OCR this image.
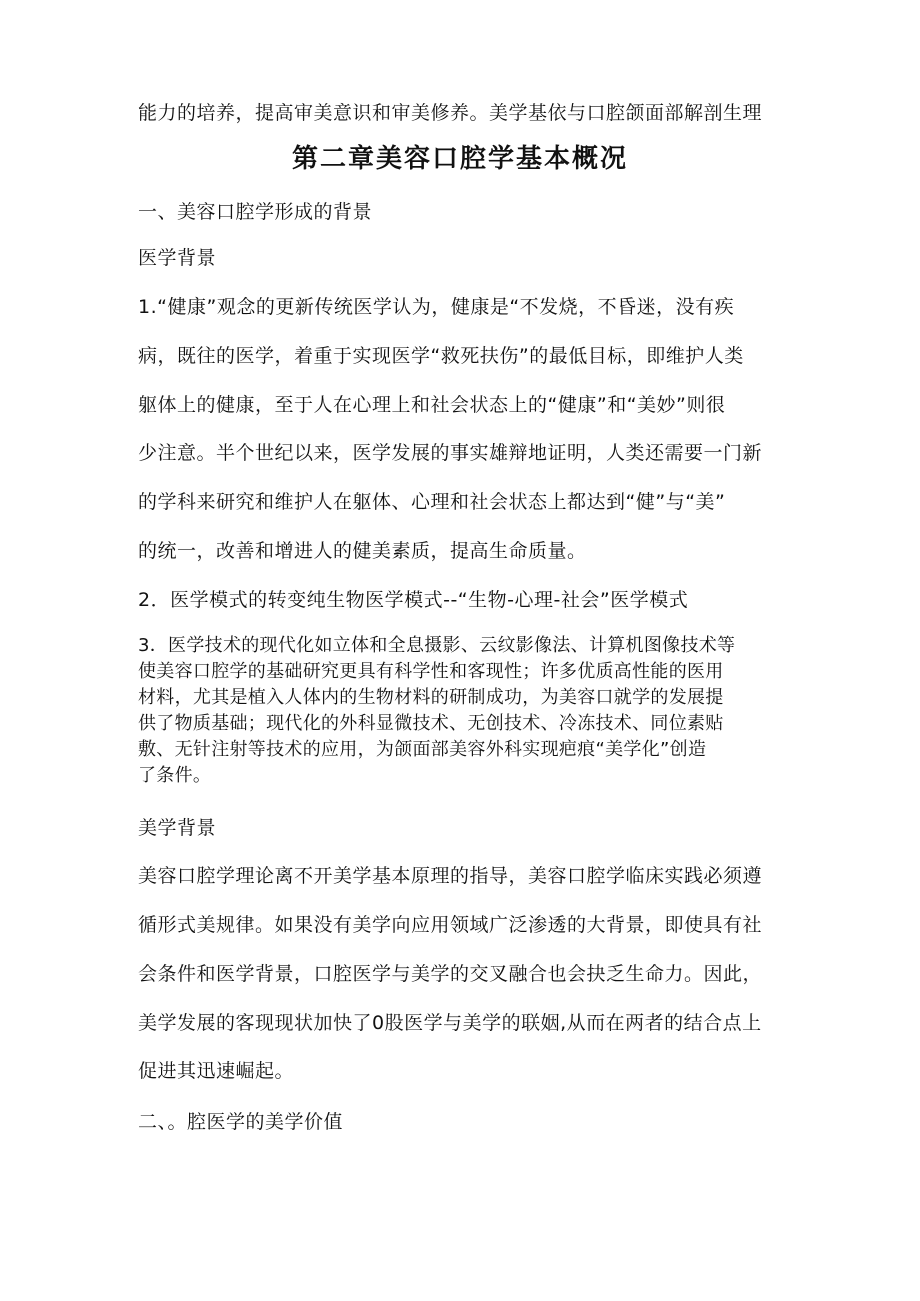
能力的培养，提高审美意识和审美修养。美学基依与口腔颌面部解剖生理
第二章美容口腔学基本概况
一、美容口腔学形成的背景
医学背景
1.“健康”观念的更新传统医学认为，健康是“不发烧，不昏迷，没有疾
病，既往的医学，着重于实现医学“救死扶伤”的最低目标，即维护人类
躯体上的健康，至于人在心理上和社会状态上的“健康”和“美妙”则很
少注意。半个世纪以来，医学发展的事实雄辩地证明，人类还需要一门新
的学科来研究和维护人在躯体、心理和社会状态上都达到“健”与“美”
的统一，改善和增进人的健美素质，提高生命质量。
2．医学模式的转变纯生物医学模式--“生物-心理-社会”医学模式
3．医学技术的现代化如立体和全息摄影、云纹影像法、计算机图像技术等
使美容口腔学的基础研究更具有科学性和客现性；许多优质高性能的医用
材料，尤其是植入人体内的生物材料的研制成功，为美容口就学的发展提
供了物质基础；现代化的外科显微技术、无创技术、冷冻技术、同位素贴
敷、无针注射等技术的应用，为颌面部美容外科实现疤痕“美学化”创造
了条件。
美学背景
美容口腔学理论离不开美学基本原理的指导，美容口腔学临床实践必须遵
循形式美规律。如果没有美学向应用领域广泛渗透的大背景，即使具有社
会条件和医学背景，口腔医学与美学的交叉融合也会抉乏生命力。因此，
美学发展的客现现状加快了0股医学与美学的联姻,从而在两者的结合点上
促进其迅速崛起。
二、。腔医学的美学价值
